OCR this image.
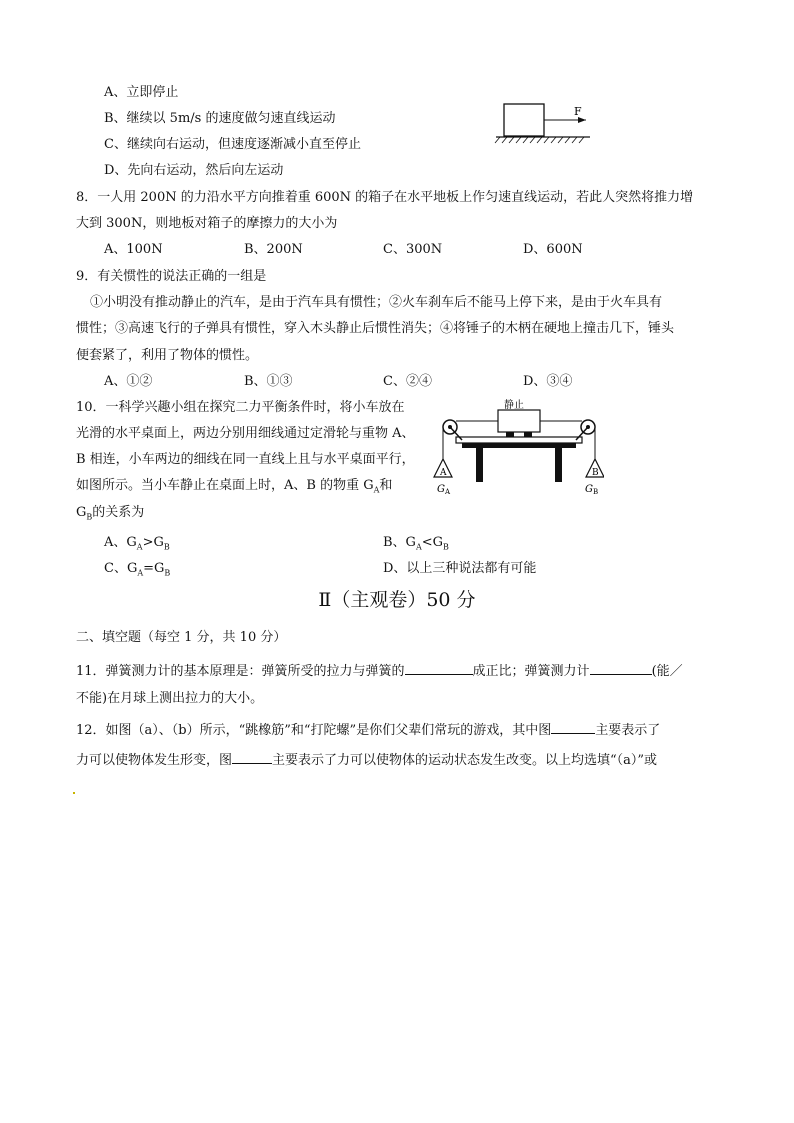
A、立即停止
B、继续以 5m/s 的速度做匀速直线运动
C、继续向右运动，但速度逐渐减小直至停止
D、先向右运动，然后向左运动
F
8．一人用 200N 的力沿水平方向推着重 600N 的箱子在水平地板上作匀速直线运动，若此人突然将推力增
大到 300N，则地板对箱子的摩擦力的大小为
A、100N	B、200N	C、300N	D、600N
9．有关惯性的说法正确的一组是
①小明没有推动静止的汽车，是由于汽车具有惯性；②火车刹车后不能马上停下来，是由于火车具有
惯性；③高速飞行的子弹具有惯性，穿入木头静止后惯性消失；④将锤子的木柄在硬地上撞击几下，锤头
便套紧了，利用了物体的惯性。
A、①②	B、①③	C、②④	D、③④
10．一科学兴趣小组在探究二力平衡条件时，将小车放在
光滑的水平桌面上，两边分别用细线通过定滑轮与重物 A、
B 相连，小车两边的细线在同一直线上且与水平桌面平行，
如图所示。当小车静止在桌面上时，A、B 的物重 $G_A$和
$G_B$的关系为
静止
A	B
G A	G B
A、$G_A>G_B$	B、$G_A<G_B$
C、$G_A=G_B$	D、以上三种说法都有可能
Ⅱ（主观卷）50 分
二、填空题（每空 1 分，共 10 分）
11．弹簧测力计的基本原理是：弹簧所受的拉力与弹簧的	成正比；弹簧测力计	(能／
不能)在月球上测出拉力的大小。
12．如图（a）、（b）所示，“跳橡筋”和“打陀螺”是你们父辈们常玩的游戏，其中图	主要表示了
力可以使物体发生形变，图	主要表示了力可以使物体的运动状态发生改变。以上均选填“（a）”或
